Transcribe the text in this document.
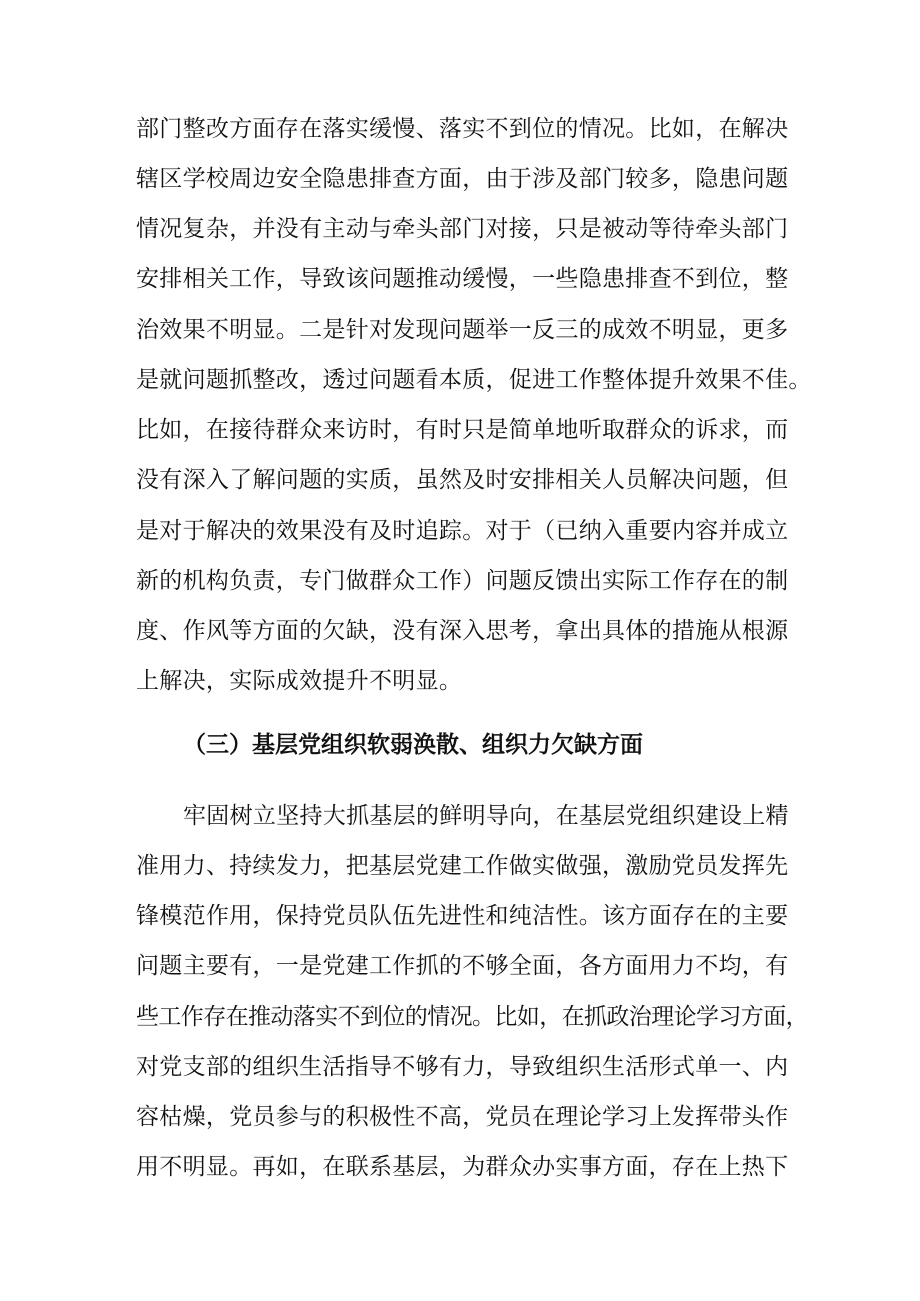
部门整改方面存在落实缓慢、落实不到位的情况。比如，在解决
辖区学校周边安全隐患排查方面，由于涉及部门较多，隐患问题
情况复杂，并没有主动与牵头部门对接，只是被动等待牵头部门
安排相关工作，导致该问题推动缓慢，一些隐患排查不到位，整
治效果不明显。二是针对发现问题举一反三的成效不明显，更多
是就问题抓整改，透过问题看本质，促进工作整体提升效果不佳。
比如，在接待群众来访时，有时只是简单地听取群众的诉求，而
没有深入了解问题的实质，虽然及时安排相关人员解决问题，但
是对于解决的效果没有及时追踪。对于（已纳入重要内容并成立
新的机构负责，专门做群众工作）问题反馈出实际工作存在的制
度、作风等方面的欠缺，没有深入思考，拿出具体的措施从根源
上解决，实际成效提升不明显。
（三）基层党组织软弱涣散、组织力欠缺方面
牢固树立坚持大抓基层的鲜明导向，在基层党组织建设上精
准用力、持续发力，把基层党建工作做实做强，激励党员发挥先
锋模范作用，保持党员队伍先进性和纯洁性。该方面存在的主要
问题主要有，一是党建工作抓的不够全面，各方面用力不均，有
些工作存在推动落实不到位的情况。比如，在抓政治理论学习方面，
对党支部的组织生活指导不够有力，导致组织生活形式单一、内
容枯燥，党员参与的积极性不高，党员在理论学习上发挥带头作
用不明显。再如，在联系基层，为群众办实事方面，存在上热下
